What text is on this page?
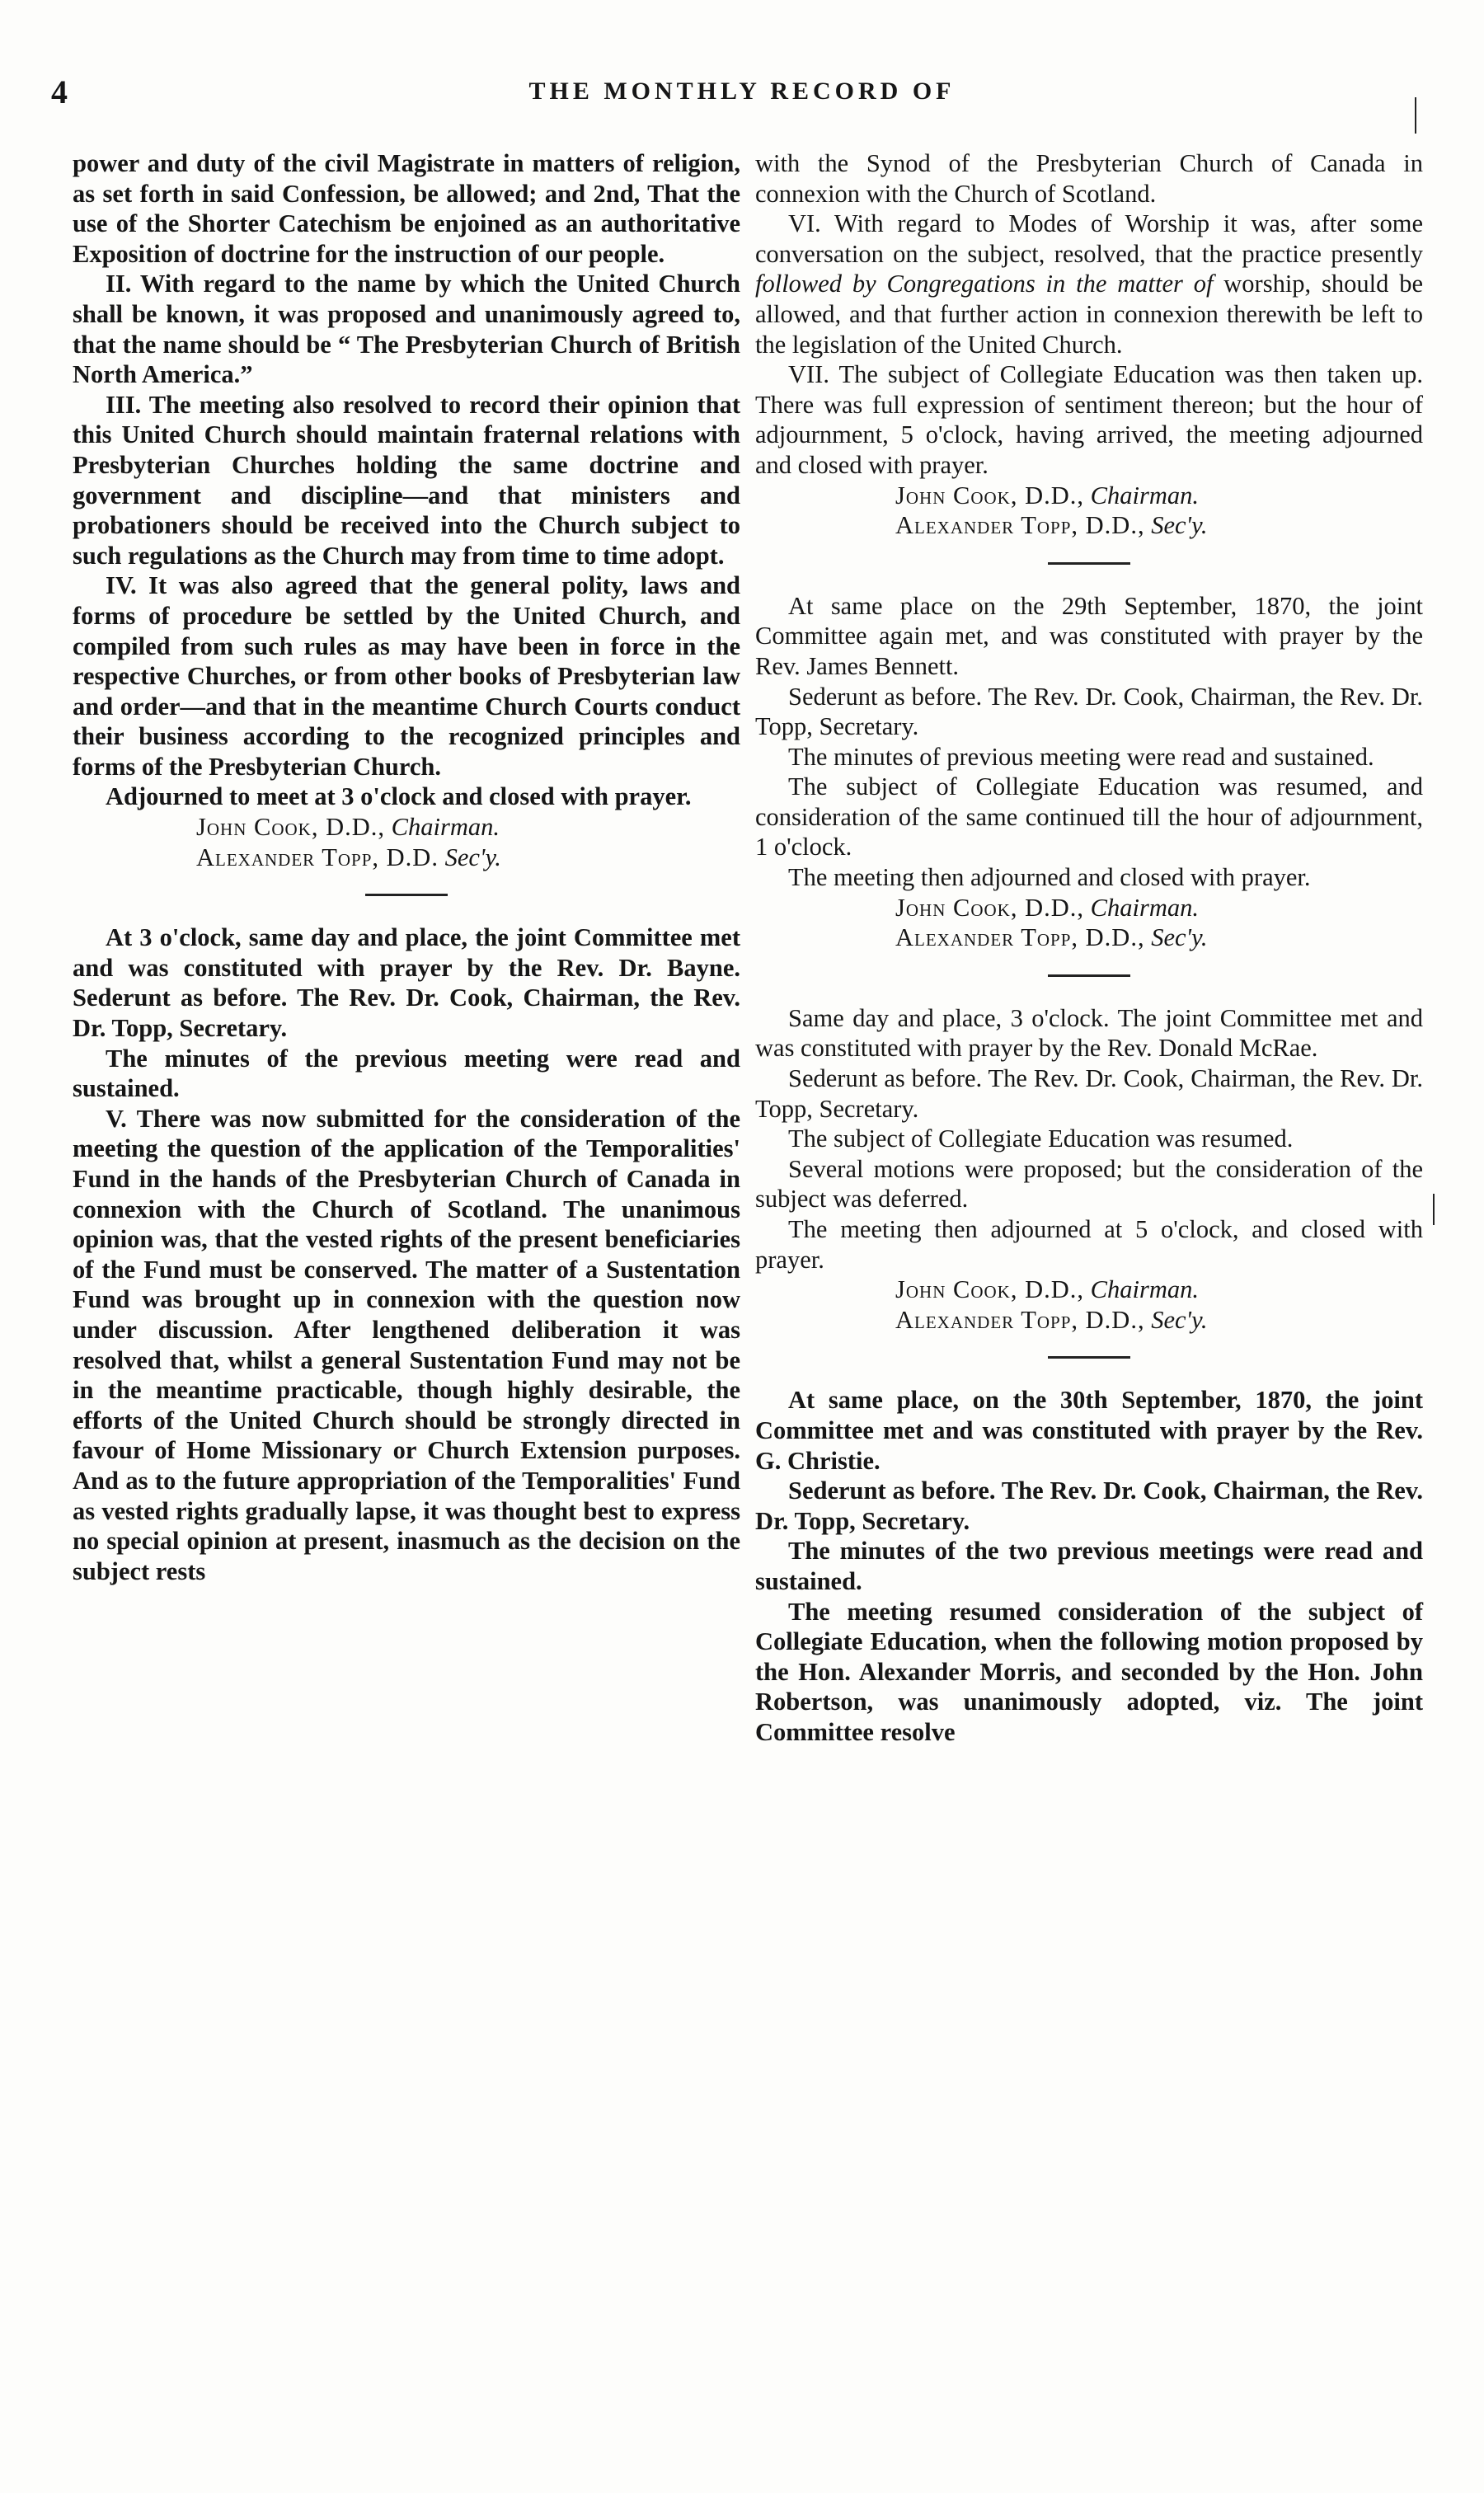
4	THE MONTHLY RECORD OF

power and duty of the civil Magistrate in matters of religion, as set forth in said Confession, be allowed; and 2nd, That the use of the Shorter Catechism be enjoined as an authoritative Exposition of doctrine for the instruction of our people.

II. With regard to the name by which the United Church shall be known, it was proposed and unanimously agreed to, that the name should be “ The Presbyterian Church of British North America.”

III. The meeting also resolved to record their opinion that this United Church should maintain fraternal relations with Presbyterian Churches holding the same doctrine and government and discipline—and that ministers and probationers should be received into the Church subject to such regulations as the Church may from time to time adopt.

IV. It was also agreed that the general polity, laws and forms of procedure be settled by the United Church, and compiled from such rules as may have been in force in the respective Churches, or from other books of Presbyterian law and order—and that in the meantime Church Courts conduct their business according to the recognized principles and forms of the Presbyterian Church.

Adjourned to meet at 3 o'clock and closed with prayer.

John Cook, D.D., Chairman.

Alexander Topp, D.D. Sec'y.

At 3 o'clock, same day and place, the joint Committee met and was constituted with prayer by the Rev. Dr. Bayne. Sederunt as before. The Rev. Dr. Cook, Chairman, the Rev. Dr. Topp, Secretary.

The minutes of the previous meeting were read and sustained.

V. There was now submitted for the consideration of the meeting the question of the application of the Temporalities' Fund in the hands of the Presbyterian Church of Canada in connexion with the Church of Scotland. The unanimous opinion was, that the vested rights of the present beneficiaries of the Fund must be conserved. The matter of a Sustentation Fund was brought up in connexion with the question now under discussion. After lengthened deliberation it was resolved that, whilst a general Sustentation Fund may not be in the meantime practicable, though highly desirable, the efforts of the United Church should be strongly directed in favour of Home Missionary or Church Extension purposes. And as to the future appropriation of the Temporalities' Fund as vested rights gradually lapse, it was thought best to express no special opinion at present, inasmuch as the decision on the subject rests

with the Synod of the Presbyterian Church of Canada in connexion with the Church of Scotland.

VI. With regard to Modes of Worship it was, after some conversation on the subject, resolved, that the practice presently followed by Congregations in the matter of worship, should be allowed, and that further action in connexion therewith be left to the legislation of the United Church.

VII. The subject of Collegiate Education was then taken up. There was full expression of sentiment thereon; but the hour of adjournment, 5 o'clock, having arrived, the meeting adjourned and closed with prayer.

John Cook, D.D., Chairman.

Alexander Topp, D.D., Sec'y.

At same place on the 29th September, 1870, the joint Committee again met, and was constituted with prayer by the Rev. James Bennett.

Sederunt as before. The Rev. Dr. Cook, Chairman, the Rev. Dr. Topp, Secretary.

The minutes of previous meeting were read and sustained.

The subject of Collegiate Education was resumed, and consideration of the same continued till the hour of adjournment, 1 o'clock.

The meeting then adjourned and closed with prayer.

John Cook, D.D., Chairman.

Alexander Topp, D.D., Sec'y.

Same day and place, 3 o'clock. The joint Committee met and was constituted with prayer by the Rev. Donald McRae.

Sederunt as before. The Rev. Dr. Cook, Chairman, the Rev. Dr. Topp, Secretary.

The subject of Collegiate Education was resumed.

Several motions were proposed; but the consideration of the subject was deferred.

The meeting then adjourned at 5 o'clock, and closed with prayer.

John Cook, D.D., Chairman.

Alexander Topp, D.D., Sec'y.

At same place, on the 30th September, 1870, the joint Committee met and was constituted with prayer by the Rev. G. Christie.

Sederunt as before. The Rev. Dr. Cook, Chairman, the Rev. Dr. Topp, Secretary.

The minutes of the two previous meetings were read and sustained.

The meeting resumed consideration of the subject of Collegiate Education, when the following motion proposed by the Hon. Alexander Morris, and seconded by the Hon. John Robertson, was unanimously adopted, viz. The joint Committee resolve
